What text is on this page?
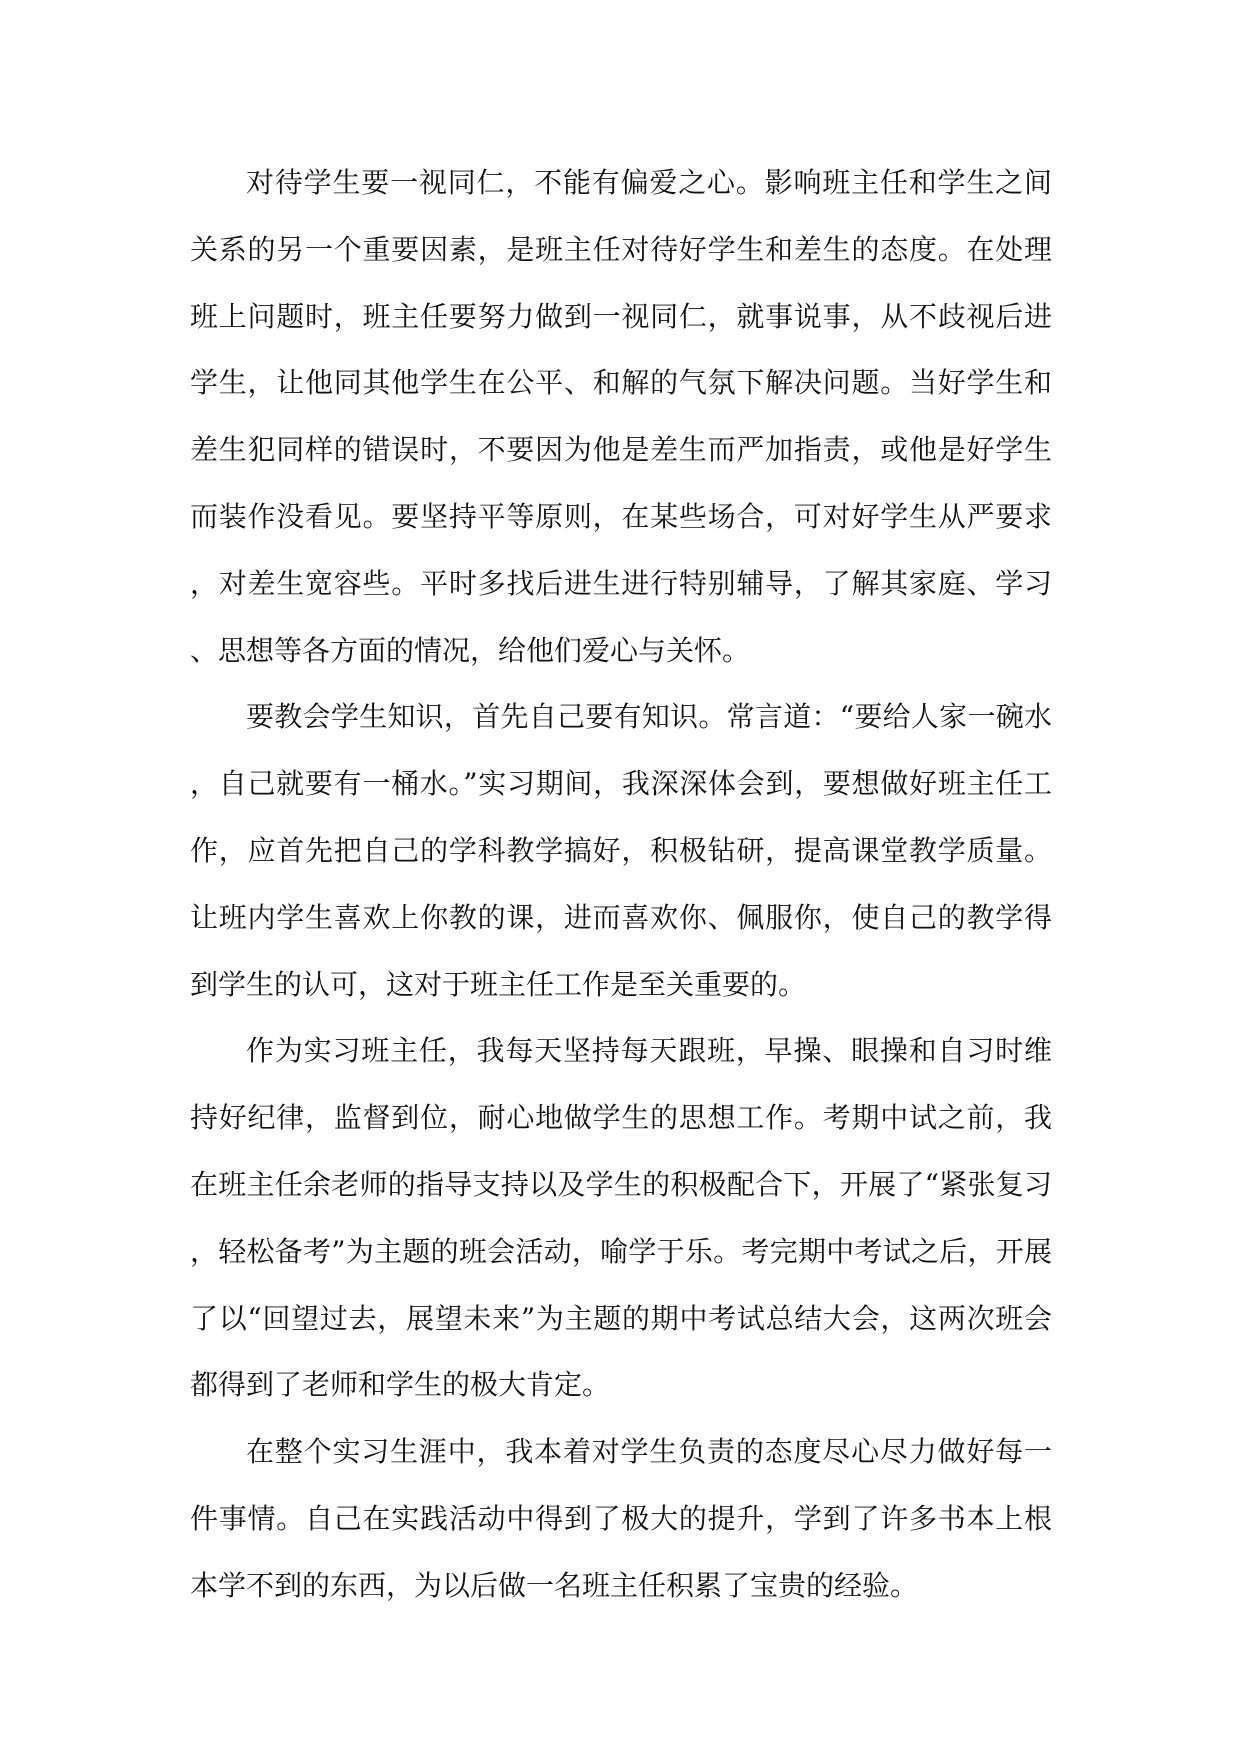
对待学生要一视同仁，不能有偏爱之心。影响班主任和学生之间关系的另一个重要因素，是班主任对待好学生和差生的态度。在处理班上问题时，班主任要努力做到一视同仁，就事说事，从不歧视后进学生，让他同其他学生在公平、和解的气氛下解决问题。当好学生和差生犯同样的错误时，不要因为他是差生而严加指责，或他是好学生而装作没看见。要坚持平等原则，在某些场合，可对好学生从严要求，对差生宽容些。平时多找后进生进行特别辅导，了解其家庭、学习、思想等各方面的情况，给他们爱心与关怀。

要教会学生知识，首先自己要有知识。常言道：“要给人家一碗水，自己就要有一桶水。”实习期间，我深深体会到，要想做好班主任工作，应首先把自己的学科教学搞好，积极钻研，提高课堂教学质量。让班内学生喜欢上你教的课，进而喜欢你、佩服你，使自己的教学得到学生的认可，这对于班主任工作是至关重要的。

作为实习班主任，我每天坚持每天跟班，早操、眼操和自习时维持好纪律，监督到位，耐心地做学生的思想工作。考期中试之前，我在班主任余老师的指导支持以及学生的积极配合下，开展了“紧张复习，轻松备考”为主题的班会活动，喻学于乐。考完期中考试之后，开展了以“回望过去，展望未来”为主题的期中考试总结大会，这两次班会都得到了老师和学生的极大肯定。

在整个实习生涯中，我本着对学生负责的态度尽心尽力做好每一件事情。自己在实践活动中得到了极大的提升，学到了许多书本上根本学不到的东西，为以后做一名班主任积累了宝贵的经验。
